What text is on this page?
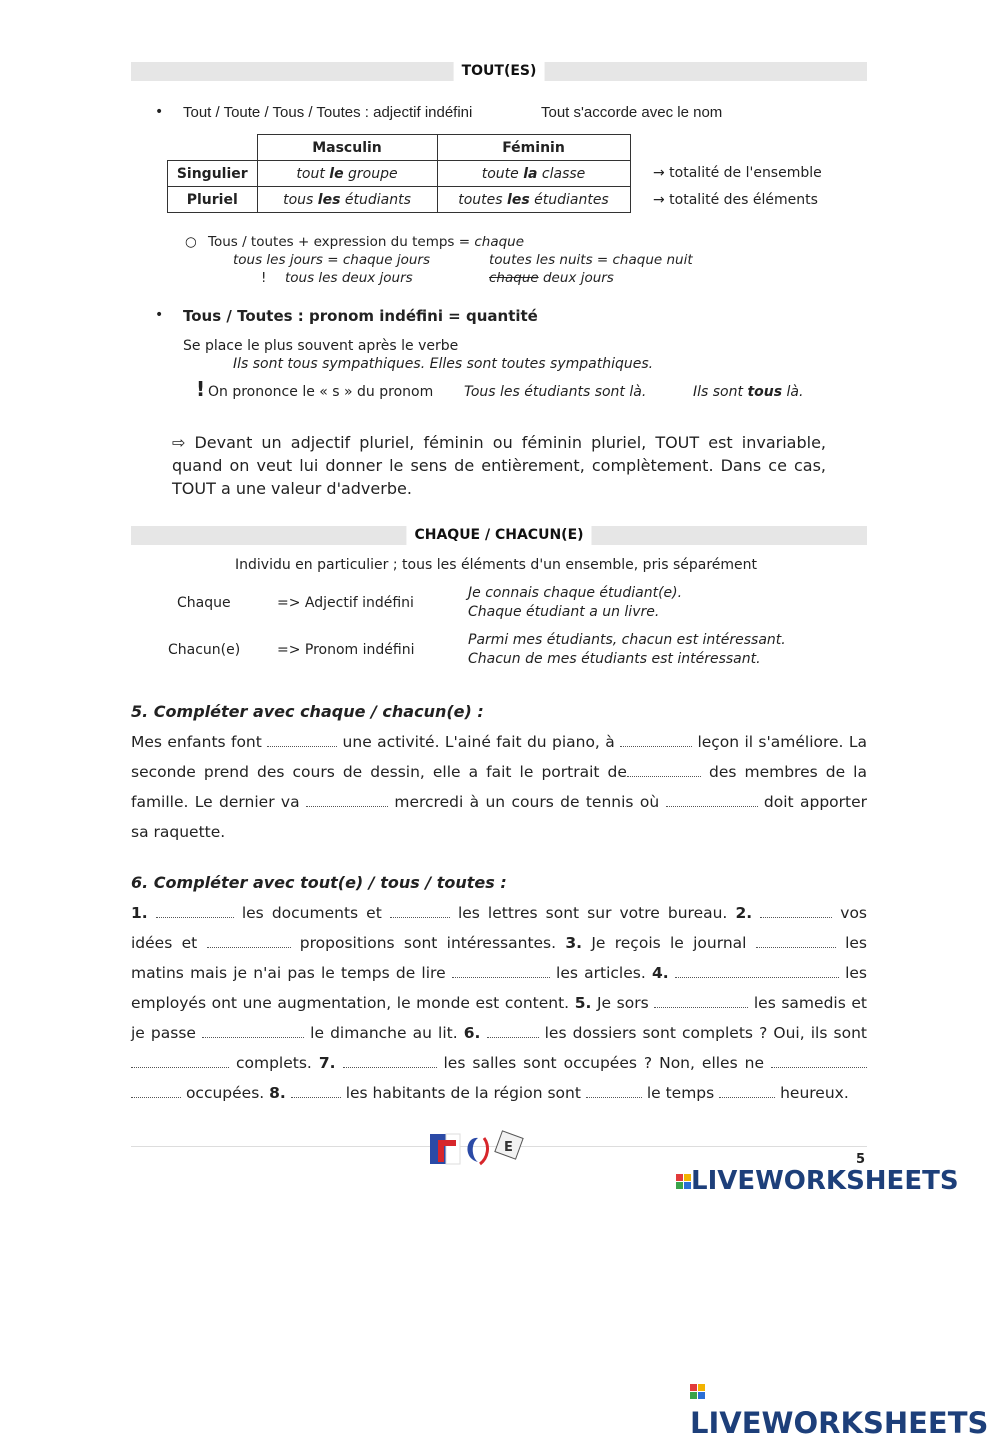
TOUT(ES)
• Tout / Toute / Tous / Toutes : adjectif indéfini	Tout s'accorde avec le nom
	Masculin	Féminin
Singulier	tout le groupe	toute la classe
Pluriel	tous les étudiants	toutes les étudiantes
→ totalité de l'ensemble
→ totalité des éléments
○ Tous / toutes + expression du temps = chaque
tous les jours = chaque jours	toutes les nuits = chaque nuit
! tous les deux jours	chaque deux jours
• Tous / Toutes : pronom indéfini = quantité
Se place le plus souvent après le verbe
Ils sont tous sympathiques. Elles sont toutes sympathiques.
! On prononce le « s » du pronom Tous les étudiants sont là.	Ils sont tous là.
⇨ Devant un adjectif pluriel, féminin ou féminin pluriel, TOUT est invariable, quand on veut lui donner le sens de entièrement, complètement. Dans ce cas, TOUT a une valeur d'adverbe.
CHAQUE / CHACUN(E)
Individu en particulier ; tous les éléments d'un ensemble, pris séparément
Chaque	=> Adjectif indéfini
Je connais chaque étudiant(e).
Chaque étudiant a un livre.
Chacun(e)	=> Pronom indéfini
Parmi mes étudiants, chacun est intéressant.
Chacun de mes étudiants est intéressant.
5. Compléter avec chaque / chacun(e) :
Mes enfants font	une activité. L'ainé fait du piano, à	leçon il s'améliore. La seconde prend des cours de dessin, elle a fait le portrait de	des membres de la famille. Le dernier va	mercredi à un cours de tennis où	doit apporter sa raquette.
6. Compléter avec tout(e) / tous / toutes :
1.	les documents et	les lettres sont sur votre bureau. 2.	vos idées et	propositions sont intéressantes. 3. Je reçois le journal	les matins mais je n'ai pas le temps de lire	les articles. 4.	les employés ont une augmentation, le monde est content. 5. Je sors	les samedis et je passe	le dimanche au lit. 6.	les dossiers sont complets ? Oui, ils sont  complets. 7.	les salles sont occupées ? Non, elles ne   occupées. 8.	les habitants de la région sont	le temps	heureux.
E
5
LIVEWORKSHEETS
LIVEWORKSHEETS
